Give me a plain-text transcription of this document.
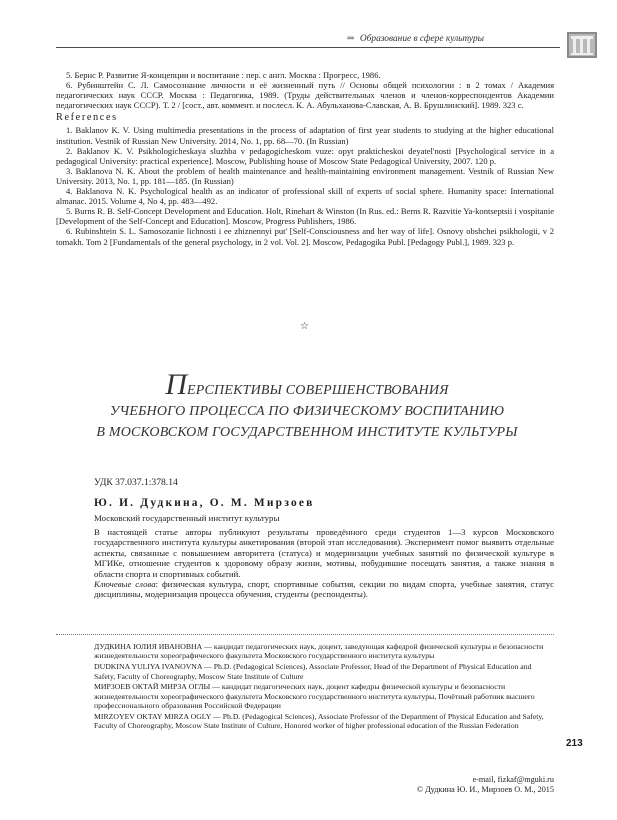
⇒ Образование в сфере культуры

5. Бернс Р. Развитие Я-концепции и воспитание : пер. с англ. Москва : Прогресс, 1986.

6. Рубинштейн С. Л. Самосознание личности и её жизненный путь // Основы общей психологии : в 2 томах / Академия педагогических наук СССР. Москва : Педагогика, 1989. (Труды действительных членов и членов-корреспондентов Академии педагогических наук СССР). Т. 2 / [сост., авт. коммент. и послесл. К. А. Абульханова-Славская, А. В. Брушлинский]. 1989. 323 с.

References

1. Baklanov K. V. Using multimedia presentations in the process of adaptation of first year students to studying at the higher educational institution. Vestnik of Russian New University. 2014, No. 1, pp. 68—70. (In Russian)

2. Baklanov K. V. Psikhologicheskaya sluzhba v pedagogicheskom vuze: opyt prakticheskoi deyatel'nosti [Psychological service in a pedagogical University: practical experience]. Moscow, Publishing house of Moscow State Pedagogical University, 2007. 120 p.

3. Baklanova N. K. About the problem of health maintenance and health-maintaining environment management. Vestnik of Russian New University. 2013, No. 1, pp. 181—185. (In Russian)

4. Baklanova N. K. Psychological health as an indicator of professional skill of experts of social sphere. Humanity space: International almanac. 2015. Volume 4, No 4, pp. 483—492.

5. Burns R. B. Self-Concept Development and Education. Holt, Rinehart & Winston (In Rus. ed.: Berns R. Razvitie Ya-kontseptsii i vospitanie [Development of the Self-Concept and Education]. Moscow, Progress Publishers, 1986.

6. Rubinshtein S. L. Samosozanie lichnosti i ee zhiznennyi put' [Self-Consciousness and her way of life]. Osnovy obshchei psikhologii, v 2 tomakh. Tom 2 [Fundamentals of the general psychology, in 2 vol. Vol. 2]. Moscow, Pedagogika Publ. [Pedagogy Publ.], 1989. 323 p.

☆
ПЕРСПЕКТИВЫ СОВЕРШЕНСТВОВАНИЯ
УЧЕБНОГО ПРОЦЕССА ПО ФИЗИЧЕСКОМУ ВОСПИТАНИЮ
В МОСКОВСКОМ ГОСУДАРСТВЕННОМ ИНСТИТУТЕ КУЛЬТУРЫ
УДК 37.037.1:378.14
Ю. И. Дудкина, О. М. Мирзоев
Московский государственный институт культуры

В настоящей статье авторы публикуют результаты проведённого среди студентов 1—3 курсов Московского государственного института культуры анкетирования (второй этап исследования). Эксперимент помог выявить отдельные аспекты, связанные с повышением авторитета (статуса) и модернизации учебных занятий по физической культуре в МГИКе, отношение студентов к здоровому образу жизни, мотивы, побудившие посещать занятия, а также знания в области спорта и спортивных событий.

Ключевые слова: физическая культура, спорт, спортивные события, секции по видам спорта, учебные занятия, статус дисциплины, модернизация процесса обучения, студенты (респонденты).

ДУДКИНА ЮЛИЯ ИВАНОВНА — кандидат педагогических наук, доцент, заведующая кафедрой физической культуры и безопасности жизнедеятельности хореографического факультета Московского государственного института культуры

DUDKINA YULIYA IVANOVNA — Ph.D. (Pedagogical Sciences), Associate Professor, Head of the Department of Physical Education and Safety, Faculty of Choreography, Moscow State Institute of Culture

МИРЗОЕВ ОКТАЙ МИРЗА ОГЛЫ — кандидат педагогических наук, доцент кафедры физической культуры и безопасности жизнедеятельности хореографического факультета Московского государственного института культуры, Почётный работник высшего профессионального образования Российской Федерации

MIRZOYEV OKTAY MIRZA OGLY — Ph.D. (Pedagogical Sciences), Associate Professor of the Department of Physical Education and Safety, Faculty of Choreography, Moscow State Institute of Culture, Honored worker of higher professional education of the Russian Federation

213
e-mail, fizkaf@mguki.ru
© Дудкина Ю. И., Мирзоев О. М., 2015
